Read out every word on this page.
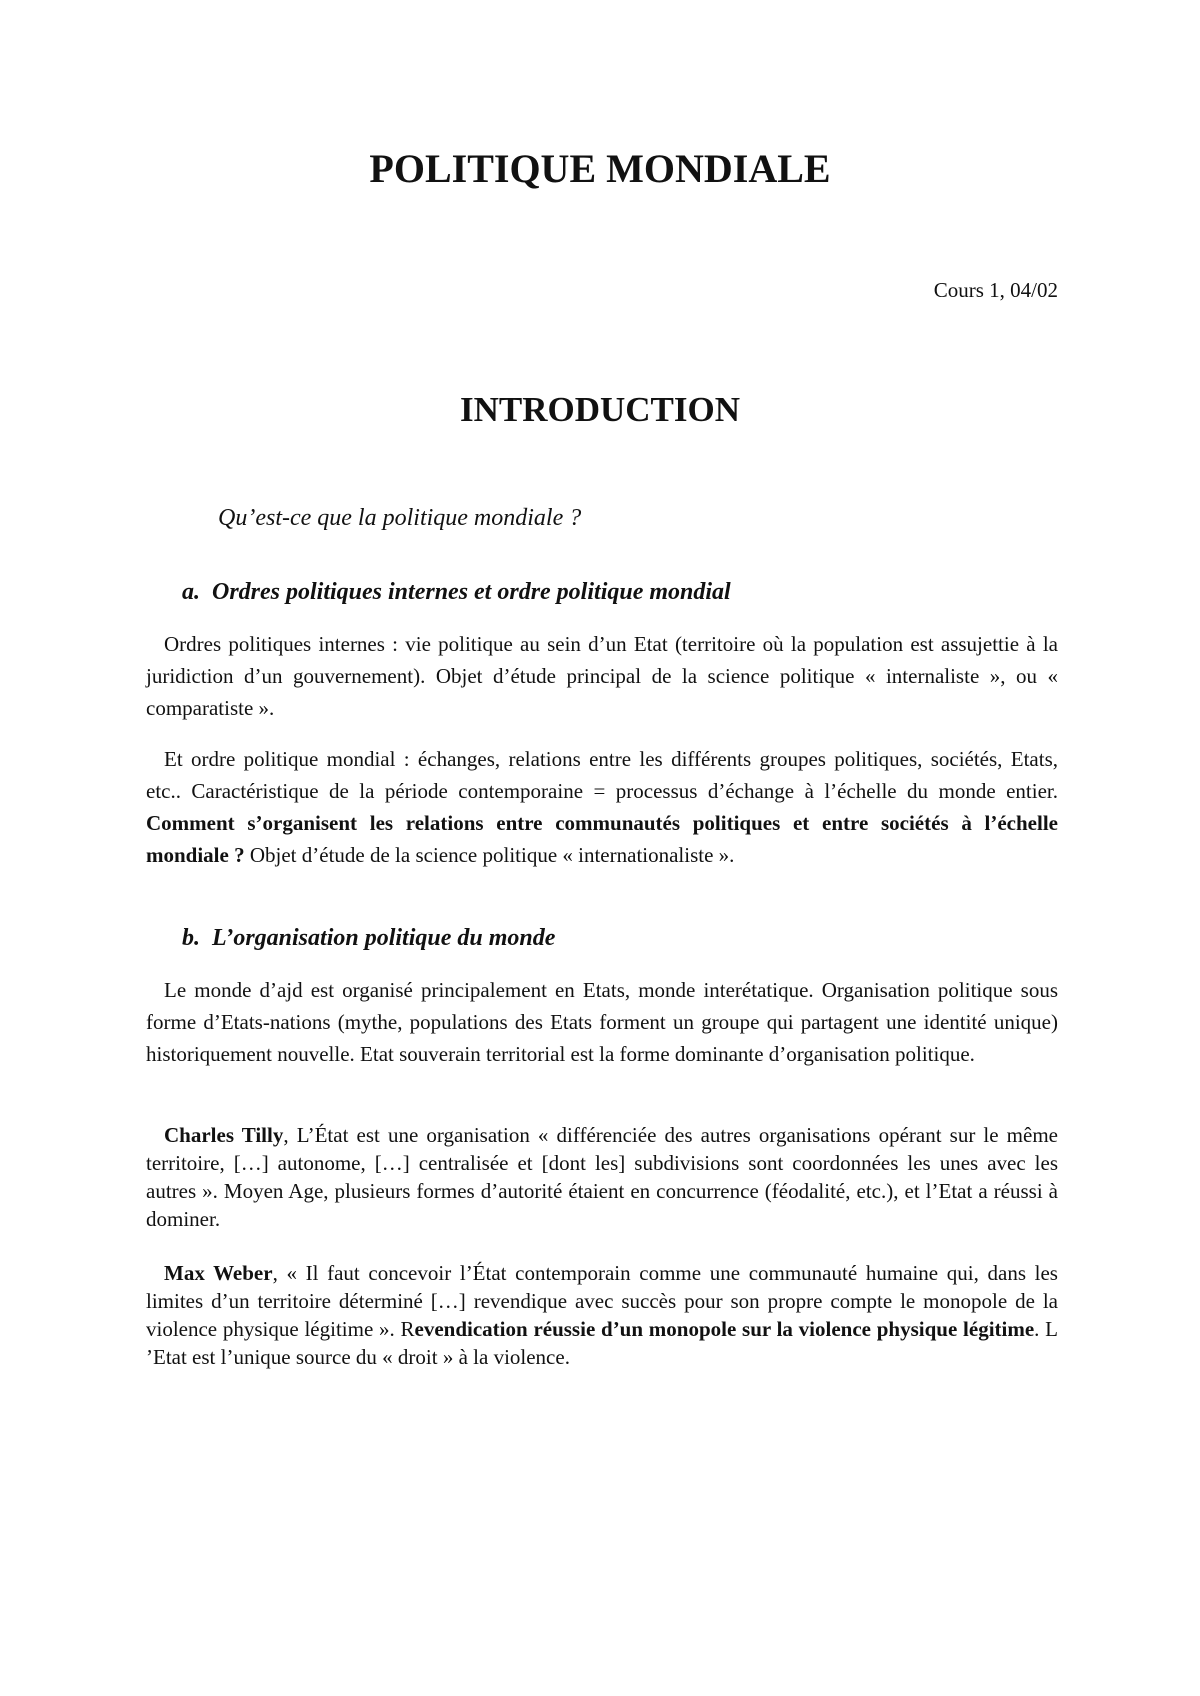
POLITIQUE MONDIALE

Cours 1, 04/02

INTRODUCTION

Qu’est-ce que la politique mondiale ?

a. Ordres politiques internes et ordre politique mondial

Ordres politiques internes : vie politique au sein d’un Etat (territoire où la population est assujettie à la juridiction d’un gouvernement). Objet d’étude principal de la science politique « internaliste », ou « comparatiste ».

Et ordre politique mondial : échanges, relations entre les différents groupes politiques, sociétés, Etats, etc.. Caractéristique de la période contemporaine = processus d’échange à l’échelle du monde entier. Comment s’organisent les relations entre communautés politiques et entre sociétés à l’échelle mondiale ? Objet d’étude de la science politique « internationaliste ».

b. L’organisation politique du monde

Le monde d’ajd est organisé principalement en Etats, monde interétatique. Organisation politique sous forme d’Etats-nations (mythe, populations des Etats forment un groupe qui partagent une identité unique) historiquement nouvelle. Etat souverain territorial est la forme dominante d’organisation politique.

Charles Tilly, L’État est une organisation « différenciée des autres organisations opérant sur le même territoire, […] autonome, […] centralisée et [dont les] subdivisions sont coordonnées les unes avec les autres ». Moyen Age, plusieurs formes d’autorité étaient en concurrence (féodalité, etc.), et l’Etat a réussi à dominer.

Max Weber, « Il faut concevoir l’État contemporain comme une communauté humaine qui, dans les limites d’un territoire déterminé […] revendique avec succès pour son propre compte le monopole de la violence physique légitime ». Revendication réussie d’un monopole sur la violence physique légitime. L ’Etat est l’unique source du « droit » à la violence.
